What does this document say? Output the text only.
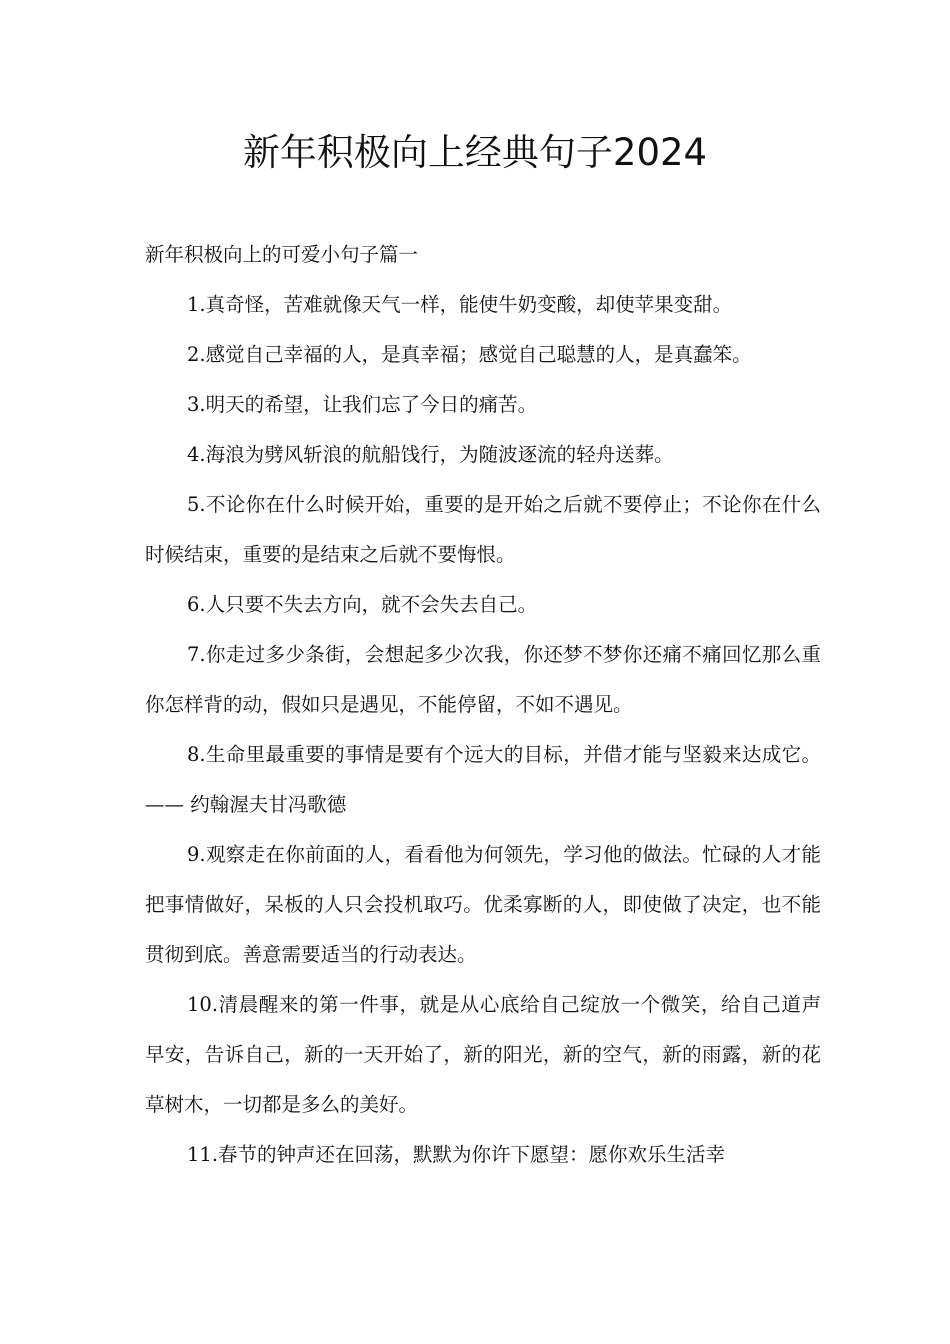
新年积极向上经典句子2024

新年积极向上的可爱小句子篇一

1.真奇怪，苦难就像天气一样，能使牛奶变酸，却使苹果变甜。

2.感觉自己幸福的人，是真幸福；感觉自己聪慧的人，是真蠢笨。

3.明天的希望，让我们忘了今日的痛苦。

4.海浪为劈风斩浪的航船饯行，为随波逐流的轻舟送葬。

5.不论你在什么时候开始，重要的是开始之后就不要停止；不论你在什么时候结束，重要的是结束之后就不要悔恨。

6.人只要不失去方向，就不会失去自己。

7.你走过多少条街，会想起多少次我，你还梦不梦你还痛不痛回忆那么重你怎样背的动，假如只是遇见，不能停留，不如不遇见。

8.生命里最重要的事情是要有个远大的目标，并借才能与坚毅来达成它。 —— 约翰渥夫甘冯歌德

9.观察走在你前面的人，看看他为何领先，学习他的做法。忙碌的人才能把事情做好，呆板的人只会投机取巧。优柔寡断的人，即使做了决定，也不能贯彻到底。善意需要适当的行动表达。

10.清晨醒来的第一件事，就是从心底给自己绽放一个微笑，给自己道声早安，告诉自己，新的一天开始了，新的阳光，新的空气，新的雨露，新的花草树木，一切都是多么的美好。

11.春节的钟声还在回荡，默默为你许下愿望：愿你欢乐生活幸
